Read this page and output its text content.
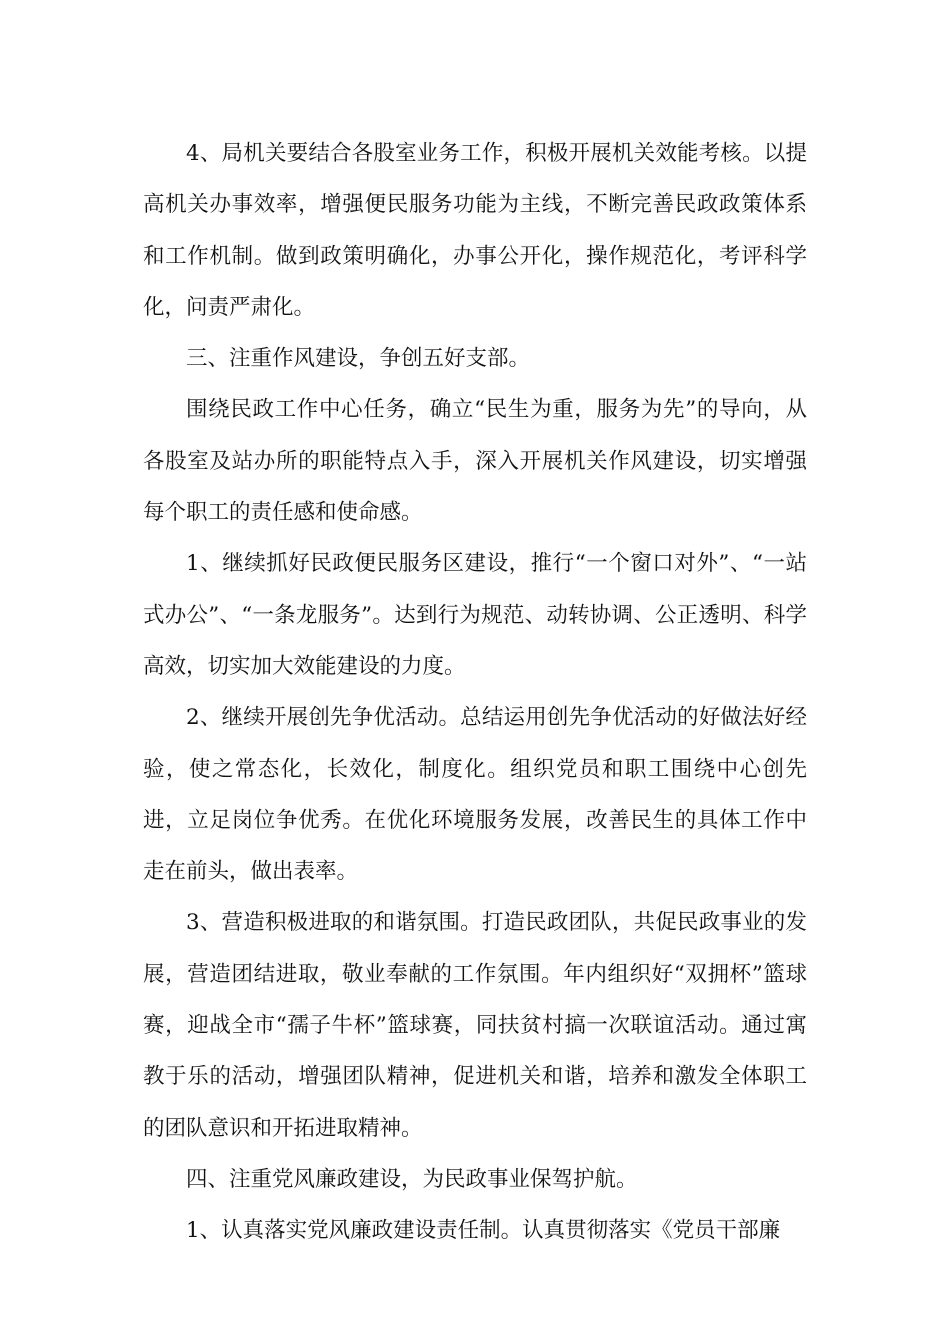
4、局机关要结合各股室业务工作，积极开展机关效能考核。以提高机关办事效率，增强便民服务功能为主线，不断完善民政政策体系和工作机制。做到政策明确化，办事公开化，操作规范化，考评科学化，问责严肃化。

三、注重作风建设，争创五好支部。

围绕民政工作中心任务，确立“民生为重，服务为先”的导向，从各股室及站办所的职能特点入手，深入开展机关作风建设，切实增强每个职工的责任感和使命感。

1、继续抓好民政便民服务区建设，推行“一个窗口对外”、“一站式办公”、“一条龙服务”。达到行为规范、动转协调、公正透明、科学高效，切实加大效能建设的力度。

2、继续开展创先争优活动。总结运用创先争优活动的好做法好经验，使之常态化，长效化，制度化。组织党员和职工围绕中心创先进，立足岗位争优秀。在优化环境服务发展，改善民生的具体工作中走在前头，做出表率。

3、营造积极进取的和谐氛围。打造民政团队，共促民政事业的发展，营造团结进取，敬业奉献的工作氛围。年内组织好“双拥杯”篮球赛，迎战全市“孺子牛杯”篮球赛，同扶贫村搞一次联谊活动。通过寓教于乐的活动，增强团队精神，促进机关和谐，培养和激发全体职工的团队意识和开拓进取精神。

四、注重党风廉政建设，为民政事业保驾护航。

1、认真落实党风廉政建设责任制。认真贯彻落实《党员干部廉
